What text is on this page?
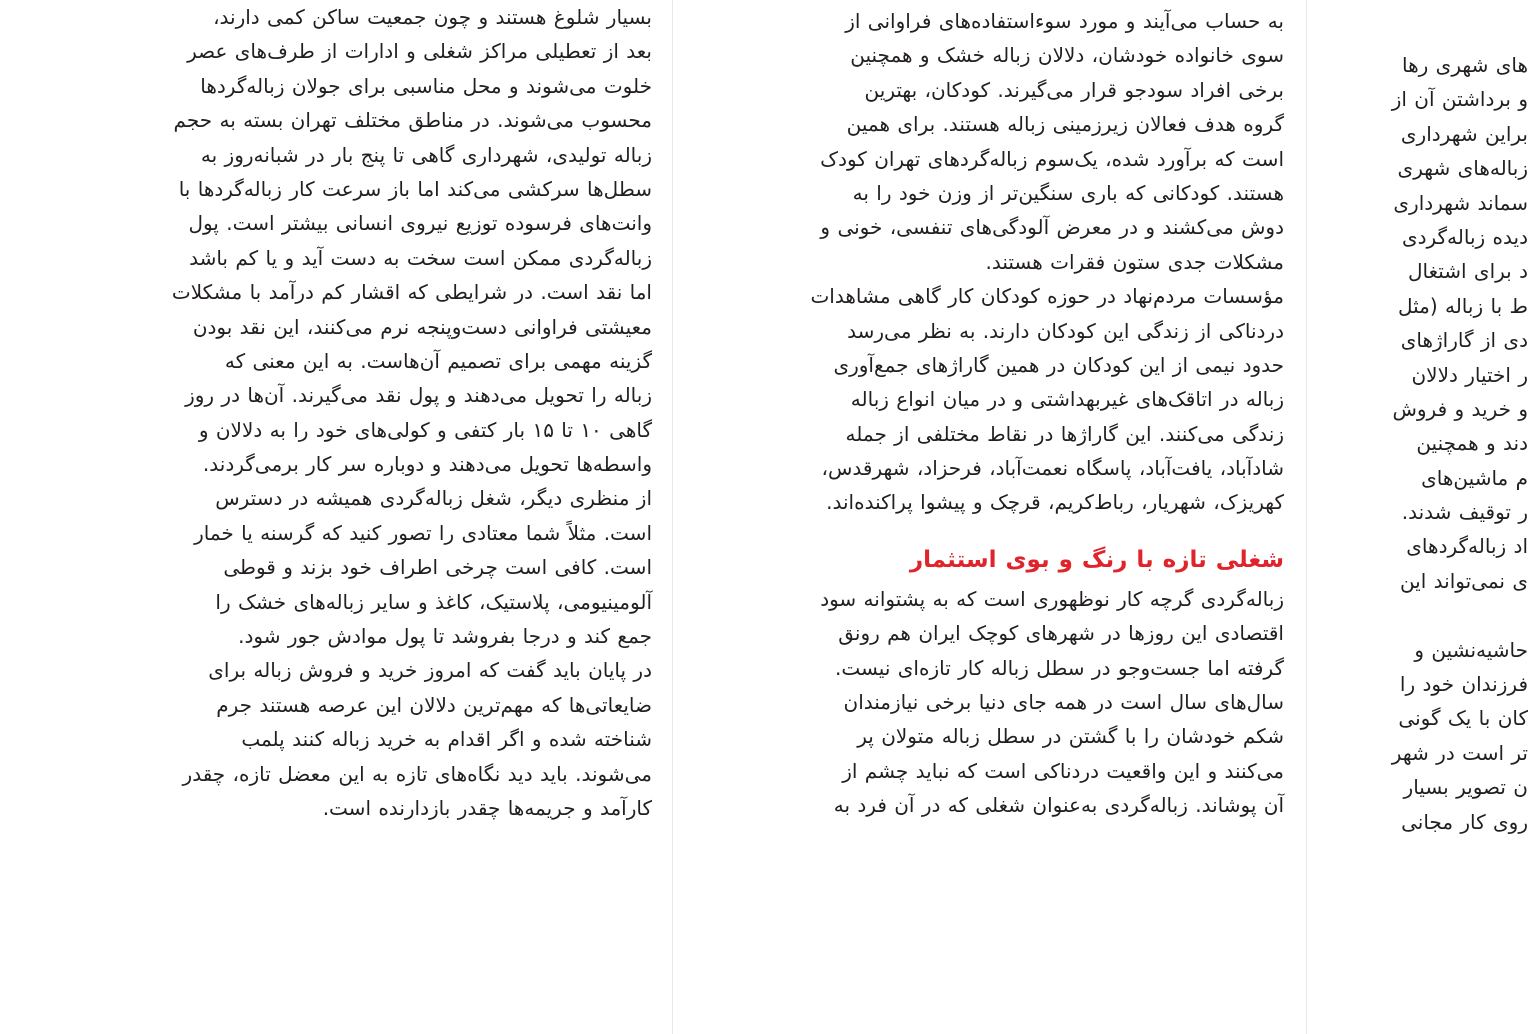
های شهری رها
و برداشتن آن از
براین شهرداری
زباله‌های شهری
سماند شهرداری
دیده زباله‌گردی
د برای اشتغال
ط با زباله (مثل
دی از گاراژهای
ر اختیار دلالان
و خرید و فروش
دند و همچنین
م ماشین‌های
ر توقیف شدند.
اد زباله‌گردهای
ی نمی‌تواند این
حاشیه‌نشین و
فرزندان خود را
کان با یک گونی
تر است در شهر
ن تصویر بسیار
روی کار مجانی
به حساب می‌آیند و مورد سوءاستفاده‌های فراوانی از
سوی خانواده خودشان، دلالان زباله خشک و همچنین
برخی افراد سودجو قرار می‌گیرند. کودکان، بهترین
گروه هدف فعالان زیرزمینی زباله هستند. برای همین
است که برآورد شده، یک‌سوم زباله‌گردهای تهران کودک
هستند. کودکانی که باری سنگین‌تر از وزن خود را به
دوش می‌کشند و در معرض آلودگی‌های تنفسی، خونی و
مشکلات جدی ستون فقرات هستند.
مؤسسات مردم‌نهاد در حوزه کودکان کار گاهی مشاهدات
دردناکی از زندگی این کودکان دارند. به نظر می‌رسد
حدود نیمی از این کودکان در همین گاراژهای جمع‌آوری
زباله در اتاقک‌های غیربهداشتی و در میان انواع زباله
زندگی می‌کنند. این گاراژها در نقاط مختلفی از جمله
شادآباد، یافت‌آباد، پاسگاه نعمت‌آباد، فرحزاد، شهرقدس،
کهریزک، شهریار، رباط‌کریم، قرچک و پیشوا پراکنده‌اند.
شغلی تازه با رنگ و بوی استثمار
زباله‌گردی گرچه کار نوظهوری است که به پشتوانه سود
اقتصادی این روزها در شهرهای کوچک ایران هم رونق
گرفته اما جست‌وجو در سطل زباله کار تازه‌ای نیست.
سال‌های سال است در همه جای دنیا برخی نیازمندان
شکم خودشان را با گشتن در سطل زباله متولان پر
می‌کنند و این واقعیت دردناکی است که نباید چشم از
آن پوشاند. زباله‌گردی به‌عنوان شغلی که در آن فرد به
بسیار شلوغ هستند و چون جمعیت ساکن کمی دارند،
بعد از تعطیلی مراکز شغلی و ادارات از طرف‌های عصر
خلوت می‌شوند و محل مناسبی برای جولان زباله‌گردها
محسوب می‌شوند. در مناطق مختلف تهران بسته به حجم
زباله تولیدی، شهرداری گاهی تا پنج بار در شبانه‌روز به
سطل‌ها سرکشی می‌کند اما باز سرعت کار زباله‌گردها با
وانت‌های فرسوده توزیع نیروی انسانی بیشتر است. پول
زباله‌گردی ممکن است سخت به دست آید و یا کم باشد
اما نقد است. در شرایطی که اقشار کم درآمد با مشکلات
معیشتی فراوانی دست‌وپنجه نرم می‌کنند، این نقد بودن
گزینه مهمی برای تصمیم آن‌هاست. به این معنی که
زباله را تحویل می‌دهند و پول نقد می‌گیرند. آن‌ها در روز
گاهی ۱۰ تا ۱۵ بار کتفی و کولی‌های خود را به دلالان و
واسطه‌ها تحویل می‌دهند و دوباره سر کار برمی‌گردند.
از منظری دیگر، شغل زباله‌گردی همیشه در دسترس
است. مثلاً شما معتادی را تصور کنید که گرسنه یا خمار
است. کافی است چرخی اطراف خود بزند و قوطی
آلومینیومی، پلاستیک، کاغذ و سایر زباله‌های خشک را
جمع کند و درجا بفروشد تا پول موادش جور شود.
در پایان باید گفت که امروز خرید و فروش زباله برای
ضایعاتی‌ها که مهم‌ترین دلالان این عرصه هستند جرم
شناخته شده و اگر اقدام به خرید زباله کنند پلمب
می‌شوند. باید دید نگاه‌های تازه به این معضل تازه، چقدر
کارآمد و جریمه‌ها چقدر بازدارنده است.
